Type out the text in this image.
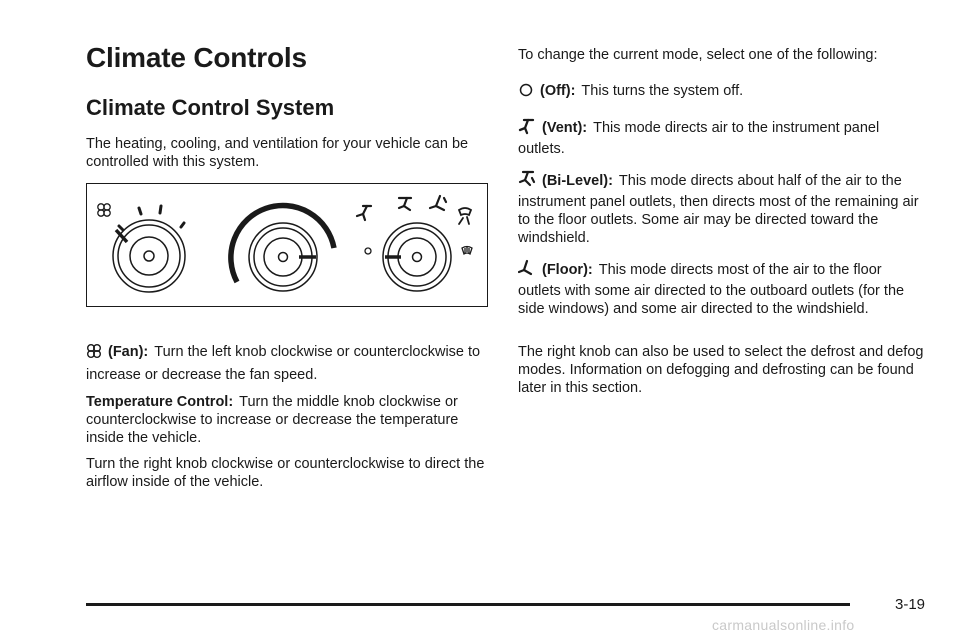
Climate Controls
Climate Control System

The heating, cooling, and ventilation for your vehicle can be controlled with this system.

(Fan): Turn the left knob clockwise or counterclockwise to increase or decrease the fan speed.
Temperature Control: Turn the middle knob clockwise or counterclockwise to increase or decrease the temperature inside the vehicle.
Turn the right knob clockwise or counterclockwise to direct the airflow inside of the vehicle.
To change the current mode, select one of the following:
(Off): This turns the system off.
(Vent): This mode directs air to the instrument panel outlets.
(Bi-Level): This mode directs about half of the air to the instrument panel outlets, then directs most of the remaining air to the floor outlets. Some air may be directed toward the windshield.
(Floor): This mode directs most of the air to the floor outlets with some air directed to the outboard outlets (for the side windows) and some air directed to the windshield.
The right knob can also be used to select the defrost and defog modes. Information on defogging and defrosting can be found later in this section.
3-19
carmanualsonline.info
